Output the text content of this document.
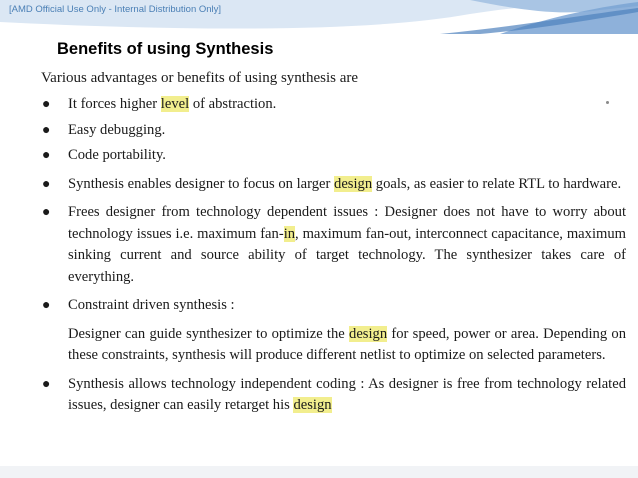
[AMD Official Use Only - Internal Distribution Only]
Benefits of using Synthesis

Various advantages or benefits of using synthesis are

● It forces higher level of abstraction.

● Easy debugging.

● Code portability.

● Synthesis enables designer to focus on larger design goals, as easier to relate RTL to hardware.

● Frees designer from technology dependent issues : Designer does not have to worry about technology issues i.e. maximum fan-in, maximum fan-out, interconnect capacitance, maximum sinking current and source ability of target technology. The synthesizer takes care of everything.

● Constraint driven synthesis :

Designer can guide synthesizer to optimize the design for speed, power or area. Depending on these constraints, synthesis will produce different netlist to optimize on selected parameters.

● Synthesis allows technology independent coding : As designer is free from technology related issues, designer can easily retarget his design
